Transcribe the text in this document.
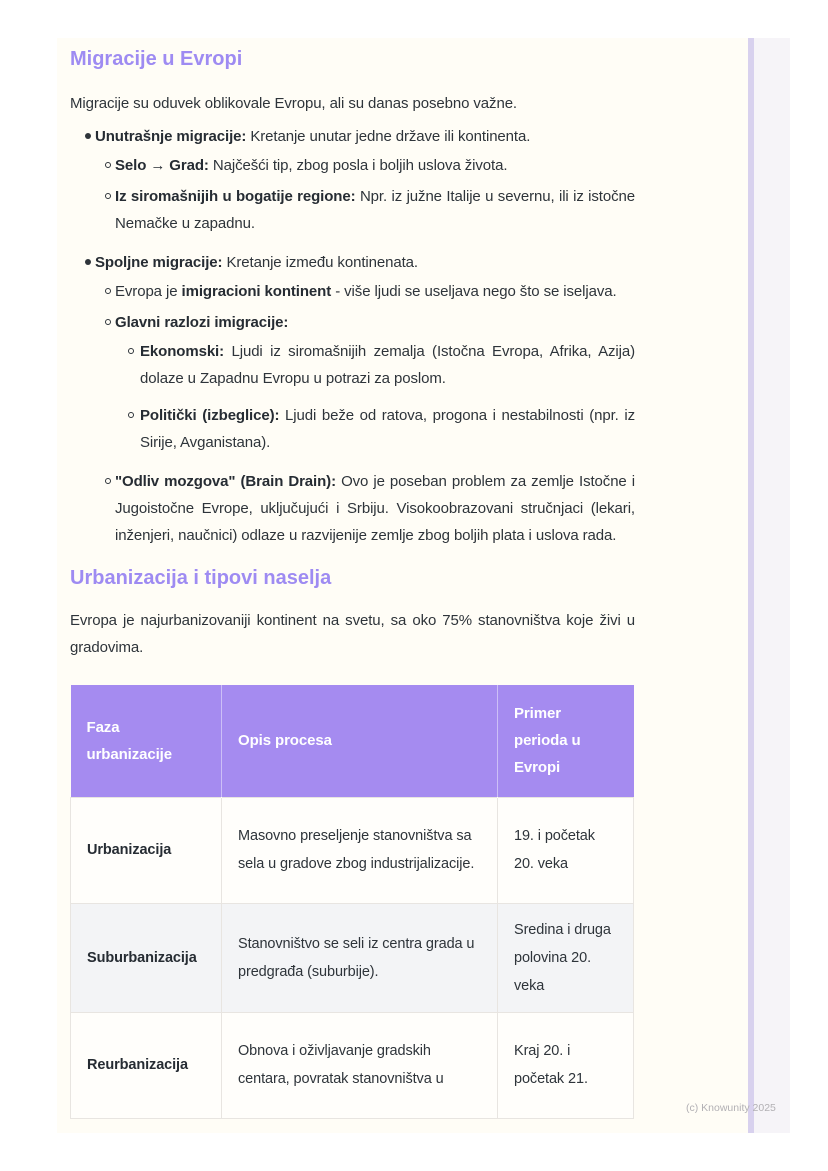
Migracije u Evropi

Migracije su oduvek oblikovale Evropu, ali su danas posebno važne.

Unutrašnje migracije: Kretanje unutar jedne države ili kontinenta.

Selo → Grad: Najčešći tip, zbog posla i boljih uslova života.

Iz siromašnijih u bogatije regione: Npr. iz južne Italije u severnu, ili iz istočne Nemačke u zapadnu.

Spoljne migracije: Kretanje između kontinenata.

Evropa je imigracioni kontinent - više ljudi se useljava nego što se iseljava.

Glavni razlozi imigracije:

Ekonomski: Ljudi iz siromašnijih zemalja (Istočna Evropa, Afrika, Azija) dolaze u Zapadnu Evropu u potrazi za poslom.

Politički (izbeglice): Ljudi beže od ratova, progona i nestabilnosti (npr. iz Sirije, Avganistana).

"Odliv mozgova" (Brain Drain): Ovo je poseban problem za zemlje Istočne i Jugoistočne Evrope, uključujući i Srbiju. Visokoobrazovani stručnjaci (lekari, inženjeri, naučnici) odlaze u razvijenije zemlje zbog boljih plata i uslova rada.

Urbanizacija i tipovi naselja

Evropa je najurbanizovaniji kontinent na svetu, sa oko 75% stanovništva koje živi u gradovima.

Faza urbanizacije	Opis procesa	Primer perioda u Evropi
Urbanizacija	Masovno preseljenje stanovništva sa sela u gradove zbog industrijalizacije.	19. i početak 20. veka
Suburbanizacija	Stanovništvo se seli iz centra grada u predgrađa (suburbije).	Sredina i druga polovina 20. veka
Reurbanizacija	Obnova i oživljavanje gradskih centara, povratak stanovništva u	Kraj 20. i početak 21.
(c) Knowunity 2025
